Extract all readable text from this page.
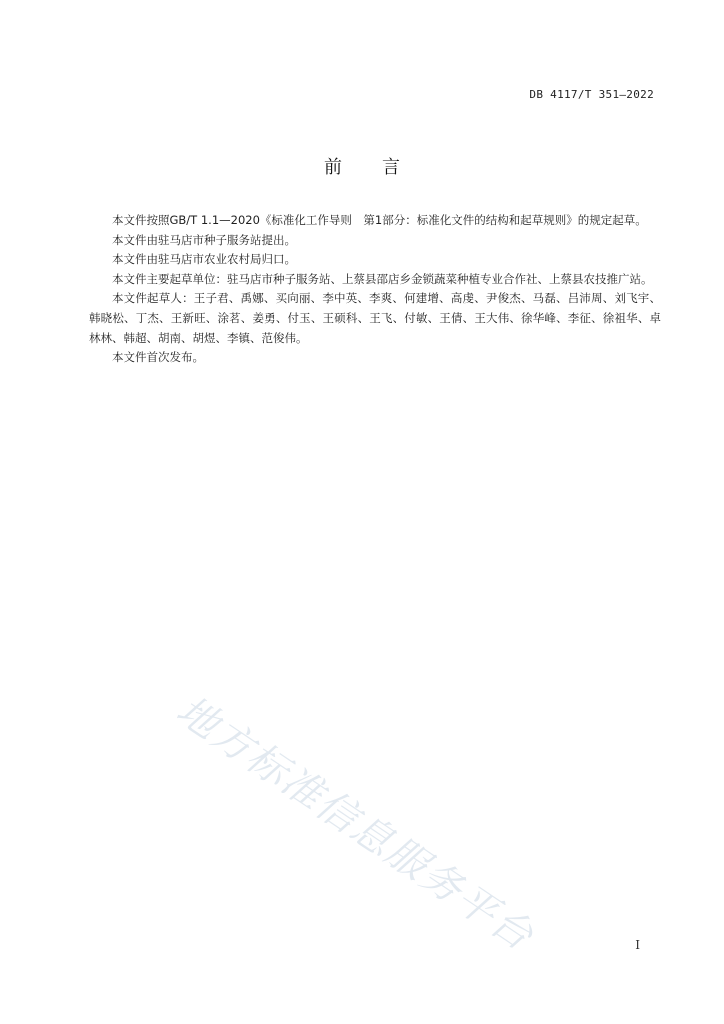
DB 4117/T 351—2022
前言

本文件按照GB/T 1.1—2020《标准化工作导则　第1部分：标准化文件的结构和起草规则》的规定起草。

本文件由驻马店市种子服务站提出。

本文件由驻马店市农业农村局归口。

本文件主要起草单位：驻马店市种子服务站、上蔡县邵店乡金锁蔬菜种植专业合作社、上蔡县农技推广站。

本文件起草人：王子君、禹娜、买向丽、李中英、李爽、何建增、高虔、尹俊杰、马磊、吕沛周、刘飞宇、韩晓松、丁杰、王新旺、涂茗、姜勇、付玉、王硕科、王飞、付敏、王倩、王大伟、徐华峰、李征、徐祖华、卓林林、韩超、胡南、胡煜、李镇、范俊伟。

本文件首次发布。

地方标准信息服务平台	I
